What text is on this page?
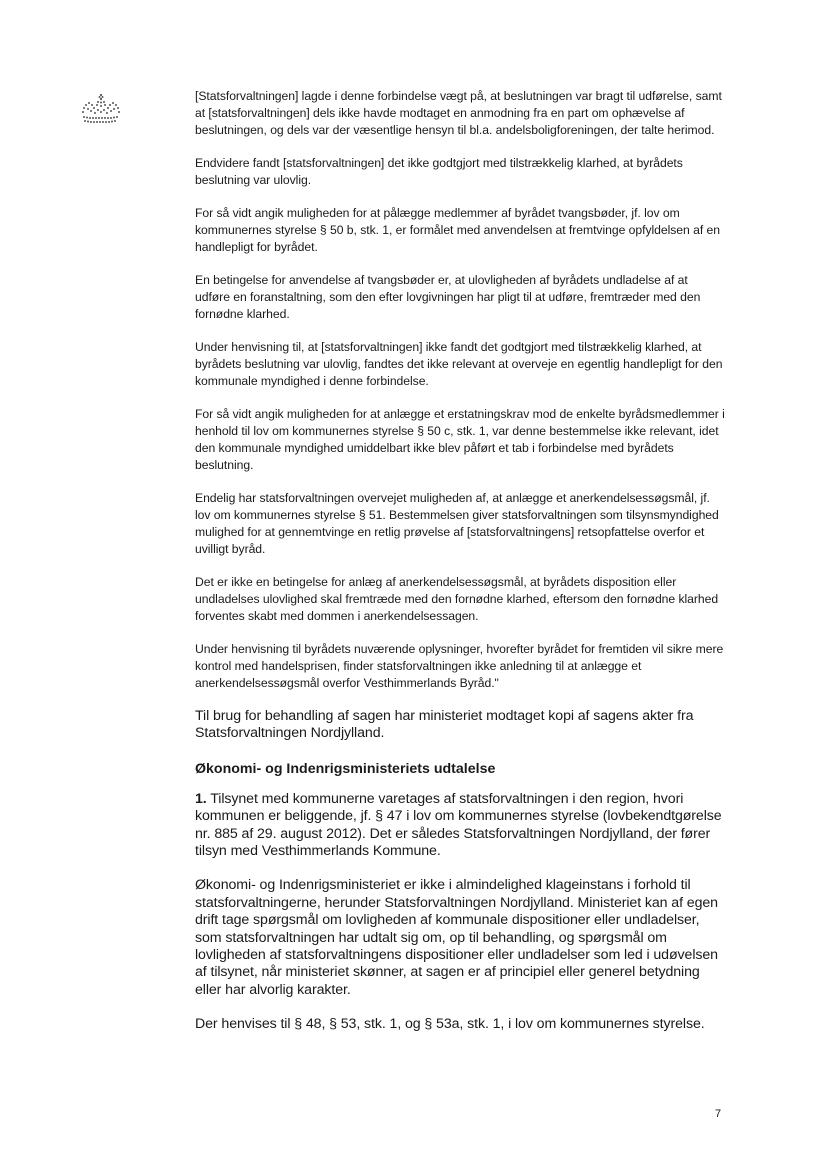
[Statsforvaltningen] lagde i denne forbindelse vægt på, at beslutningen var bragt til udførelse, samt at [statsforvaltningen] dels ikke havde modtaget en anmodning fra en part om ophævelse af beslutningen, og dels var der væsentlige hensyn til bl.a. andelsboligforeningen, der talte herimod.

Endvidere fandt [statsforvaltningen] det ikke godtgjort med tilstrækkelig klarhed, at byrådets beslutning var ulovlig.

For så vidt angik muligheden for at pålægge medlemmer af byrådet tvangsbøder, jf. lov om kommunernes styrelse § 50 b, stk. 1, er formålet med anvendelsen at fremtvinge opfyldelsen af en handlepligt for byrådet.

En betingelse for anvendelse af tvangsbøder er, at ulovligheden af byrådets undladelse af at udføre en foranstaltning, som den efter lovgivningen har pligt til at udføre, fremtræder med den fornødne klarhed.

Under henvisning til, at [statsforvaltningen] ikke fandt det godtgjort med tilstrækkelig klarhed, at byrådets beslutning var ulovlig, fandtes det ikke relevant at overveje en egentlig handlepligt for den kommunale myndighed i denne forbindelse.

For så vidt angik muligheden for at anlægge et erstatningskrav mod de enkelte byrådsmedlemmer i henhold til lov om kommunernes styrelse § 50 c, stk. 1, var denne bestemmelse ikke relevant, idet den kommunale myndighed umiddelbart ikke blev påført et tab i forbindelse med byrådets beslutning.

Endelig har statsforvaltningen overvejet muligheden af, at anlægge et anerkendelsessøgsmål, jf. lov om kommunernes styrelse § 51. Bestemmelsen giver statsforvaltningen som tilsynsmyndighed mulighed for at gennemtvinge en retlig prøvelse af [statsforvaltningens] retsopfattelse overfor et uvilligt byråd.

Det er ikke en betingelse for anlæg af anerkendelsessøgsmål, at byrådets disposition eller undladelses ulovlighed skal fremtræde med den fornødne klarhed, eftersom den fornødne klarhed forventes skabt med dommen i anerkendelsessagen.

Under henvisning til byrådets nuværende oplysninger, hvorefter byrådet for fremtiden vil sikre mere kontrol med handelsprisen, finder statsforvaltningen ikke anledning til at anlægge et anerkendelsessøgsmål overfor Vesthimmerlands Byråd."

Til brug for behandling af sagen har ministeriet modtaget kopi af sagens akter fra Statsforvaltningen Nordjylland.

Økonomi- og Indenrigsministeriets udtalelse

1. Tilsynet med kommunerne varetages af statsforvaltningen i den region, hvori kommunen er beliggende, jf. § 47 i lov om kommunernes styrelse (lovbekendtgørelse nr. 885 af 29. august 2012). Det er således Statsforvaltningen Nordjylland, der fører tilsyn med Vesthimmerlands Kommune.

Økonomi- og Indenrigsministeriet er ikke i almindelighed klageinstans i forhold til statsforvaltningerne, herunder Statsforvaltningen Nordjylland. Ministeriet kan af egen drift tage spørgsmål om lovligheden af kommunale dispositioner eller undladelser, som statsforvaltningen har udtalt sig om, op til behandling, og spørgsmål om lovligheden af statsforvaltningens dispositioner eller undladelser som led i udøvelsen af tilsynet, når ministeriet skønner, at sagen er af principiel eller generel betydning eller har alvorlig karakter.

Der henvises til § 48, § 53, stk. 1, og § 53a, stk. 1, i lov om kommunernes styrelse.

7
